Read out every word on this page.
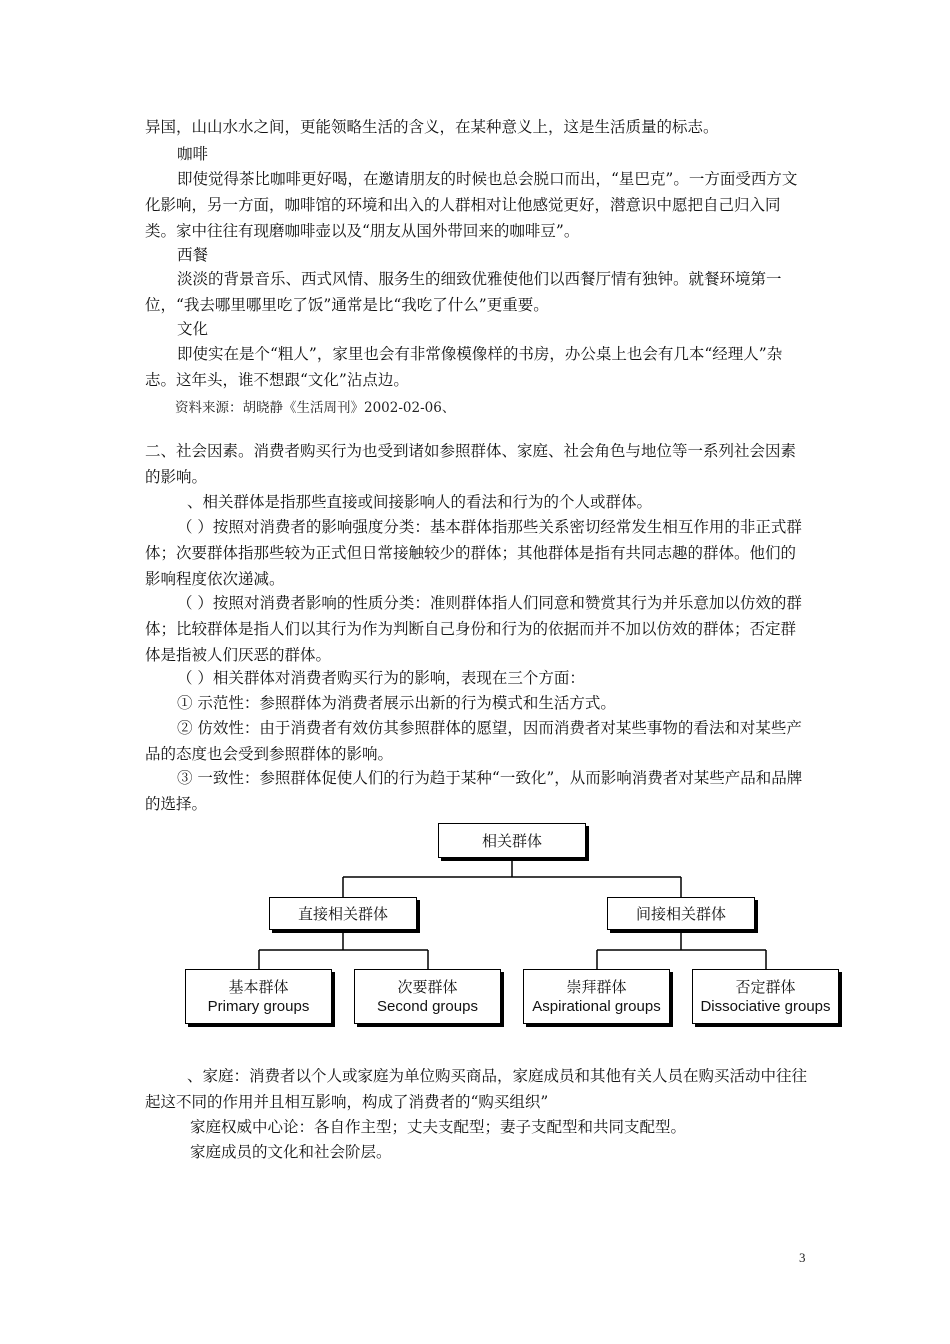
异国，山山水水之间，更能领略生活的含义，在某种意义上，这是生活质量的标志。

咖啡

即使觉得茶比咖啡更好喝，在邀请朋友的时候也总会脱口而出，“星巴克”。一方面受西方文化影响，另一方面，咖啡馆的环境和出入的人群相对让他感觉更好，潜意识中愿把自己归入同类。家中往往有现磨咖啡壶以及“朋友从国外带回来的咖啡豆”。

西餐

淡淡的背景音乐、西式风情、服务生的细致优雅使他们以西餐厅情有独钟。就餐环境第一位，“我去哪里哪里吃了饭”通常是比“我吃了什么”更重要。

文化

即使实在是个“粗人”，家里也会有非常像模像样的书房，办公桌上也会有几本“经理人”杂志。这年头，谁不想跟“文化”沾点边。

资料来源：胡晓静《生活周刊》2002-02-06、

二、社会因素。消费者购买行为也受到诸如参照群体、家庭、社会角色与地位等一系列社会因素的影响。

、相关群体是指那些直接或间接影响人的看法和行为的个人或群体。

（ ）按照对消费者的影响强度分类：基本群体指那些关系密切经常发生相互作用的非正式群体；次要群体指那些较为正式但日常接触较少的群体；其他群体是指有共同志趣的群体。他们的影响程度依次递减。

（ ）按照对消费者影响的性质分类：准则群体指人们同意和赞赏其行为并乐意加以仿效的群体；比较群体是指人们以其行为作为判断自己身份和行为的依据而并不加以仿效的群体；否定群体是指被人们厌恶的群体。

（ ）相关群体对消费者购买行为的影响，表现在三个方面：

① 示范性：参照群体为消费者展示出新的行为模式和生活方式。

② 仿效性：由于消费者有效仿其参照群体的愿望，因而消费者对某些事物的看法和对某些产品的态度也会受到参照群体的影响。

③ 一致性：参照群体促使人们的行为趋于某种“一致化”，从而影响消费者对某些产品和品牌的选择。

相关群体
直接相关群体	间接相关群体
基本群体
Primary groups
次要群体
Second groups
崇拜群体
Aspirational groups
否定群体
Dissociative groups

、家庭：消费者以个人或家庭为单位购买商品，家庭成员和其他有关人员在购买活动中往往起这不同的作用并且相互影响，构成了消费者的“购买组织”

家庭权威中心论：各自作主型；丈夫支配型；妻子支配型和共同支配型。

家庭成员的文化和社会阶层。

3
